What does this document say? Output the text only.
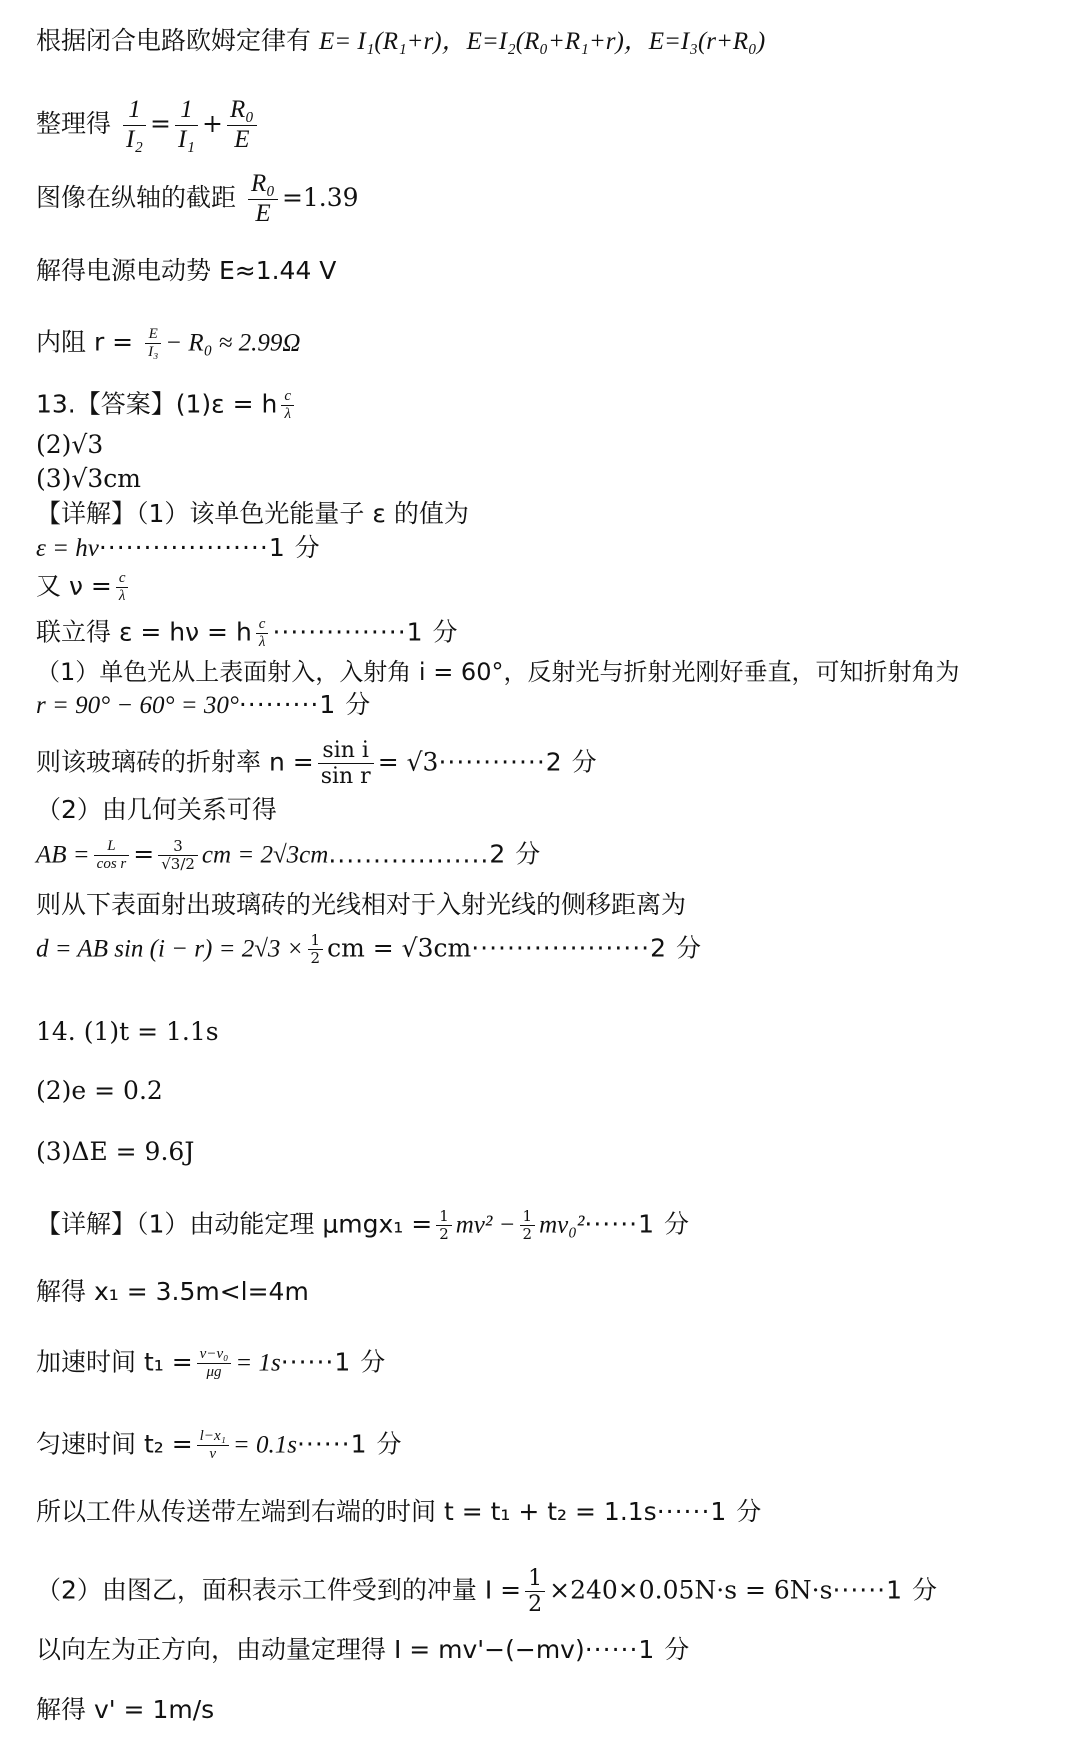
根据闭合电路欧姆定律有 E= I₁(R₁+r)，E=I₂(R₀+R₁+r)，E=I₃(r+R₀)
整理得 $\frac{1}{\text{I₂}} = \frac{1}{\text{I₁}} + \frac{\text{R₀}}{E}$
图像在纵轴的截距 $\frac{\text{R₀}}{E} =1.39$
解得电源电动势 E≈1.44 V
内阻 $r = \frac{E}{\text{I₃}} - R_0 \approx 2.99\Omega$
13.【答案】(1)ε = h $\frac{c}{\lambda}$
(2)√3
(3)√3cm
【详解】（1）该单色光能量子 ε 的值为
ε = hν···················1 分
又 $\nu = \frac{c}{\lambda}$
联立得 ε = hν = h $\frac{c}{\lambda} \cdot\cdot\cdot\cdot\cdot\cdot\cdot\cdot\cdot\cdot\cdot\cdot\cdot\cdot\cdot 1$ 分
（1）单色光从上表面射入，入射角 i = 60°，反射光与折射光刚好垂直，可知折射角为
r = 90° − 60° = 30°·········1 分
则该玻璃砖的折射率 $n = \frac{\text{sin i}}{\text{sin r}} = √3\cdot\cdot\cdot\cdot\cdot\cdot\cdot\cdot\cdot\cdot\cdot\cdot 2$ 分
（2）由几何关系可得
AB = $\frac{L}{\text{cos r}} = \frac{3}{√3/2}$ cm = 2√3cm..................2 分
则从下表面射出玻璃砖的光线相对于入射光线的侧移距离为
d = AB $\sin (i - r) = 2√3 \times \frac{1}{2}$ cm = √3cm····················2 分
14. (1)t = 1.1s
(2)e = 0.2
(3)ΔE = 9.6J
【详解】（1）由动能定理 $\mu mgx_1 = \frac{1}{2} mv^2 - \frac{1}{2} mv_0^2\cdot\cdot\cdot\cdot\cdot\cdot 1$ 分
解得 x₁ = 3.5m<l=4m
加速时间 $t_1 = \frac{\text{v−v₀}}{\mu g} = 1s\cdot\cdot\cdot\cdot\cdot\cdot 1$ 分
匀速时间 $t_2 = \frac{\text{l−x₁}}{v} = 0.1s\cdot\cdot\cdot\cdot\cdot\cdot 1$ 分
所以工件从传送带左端到右端的时间 t = t₁ + t₂ = 1.1s······1 分
（2）由图乙，面积表示工件受到的冲量 $I = \frac{1}{2} \times 240\times 0.05N\cdot s = 6N\cdot s\cdot\cdot\cdot\cdot\cdot\cdot 1$ 分
以向左为正方向，由动量定理得 I = mv'−(−mv)······1 分
解得 v' = 1m/s
